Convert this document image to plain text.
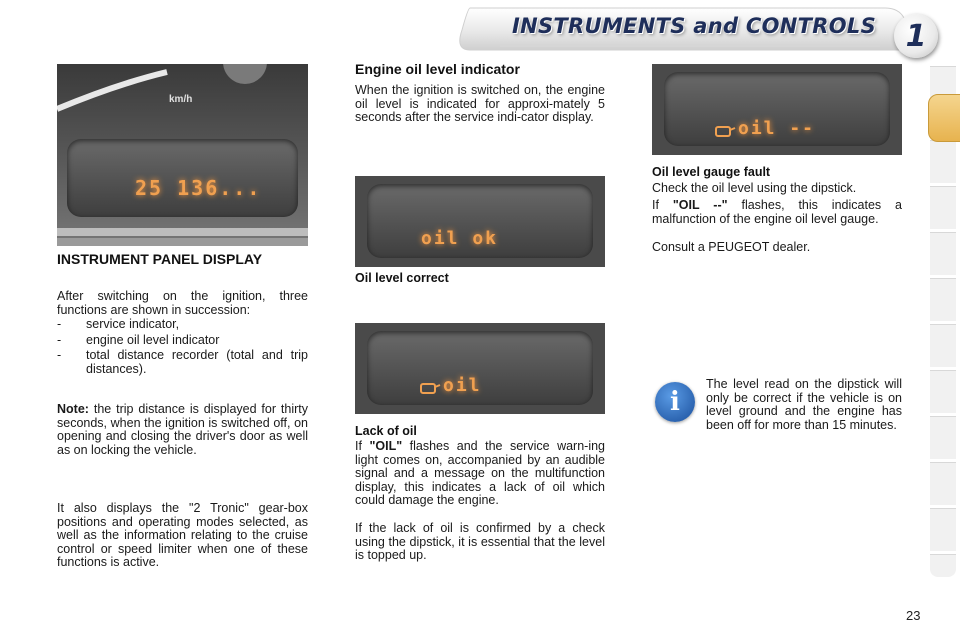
INSTRUMENTS and CONTROLS 1
km/h
25 136...
INSTRUMENT PANEL DISPLAY
After switching on the ignition, three functions are shown in succession:
- service indicator,
- engine oil level indicator
- total distance recorder (total and trip distances).
Note: the trip distance is displayed for thirty seconds, when the ignition is switched off, on opening and closing the driver's door as well as on locking the vehicle.
It also displays the "2 Tronic" gear-box positions and operating modes selected, as well as the information relating to the cruise control or speed limiter when one of these functions is active.
Engine oil level indicator
When the ignition is switched on, the engine oil level is indicated for approxi-mately 5 seconds after the service indi-cator display.
oil ok
Oil level correct
oil
Lack of oil
If "OIL" flashes and the service warn-ing light comes on, accompanied by an audible signal and a message on the multifunction display, this indicates a lack of oil which could damage the engine.
If the lack of oil is confirmed by a check using the dipstick, it is essential that the level is topped up.
oil --
Oil level gauge fault
Check the oil level using the dipstick.
If "OIL --" flashes, this indicates a malfunction of the engine oil level gauge.
Consult a PEUGEOT dealer.
i
The level read on the dipstick will only be correct if the vehicle is on level ground and the engine has been off for more than 15 minutes.
23
